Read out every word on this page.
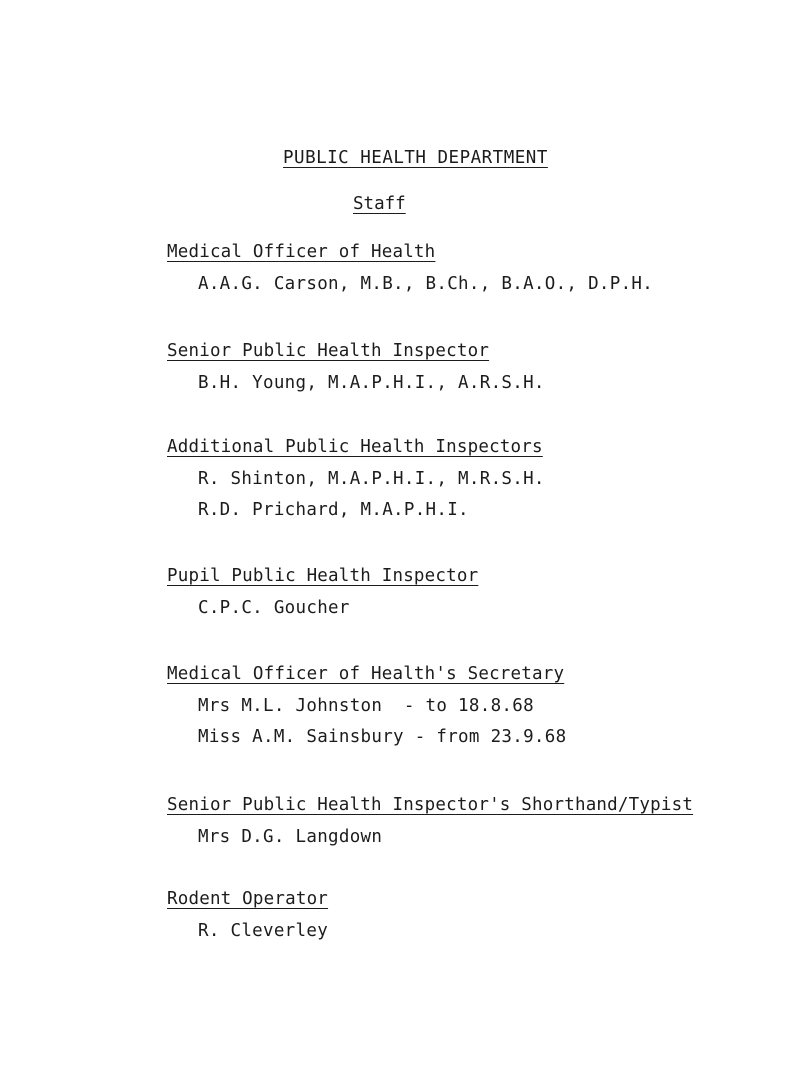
PUBLIC HEALTH DEPARTMENT
Staff
Medical Officer of Health
A.A.G. Carson, M.B., B.Ch., B.A.O., D.P.H.
Senior Public Health Inspector
B.H. Young, M.A.P.H.I., A.R.S.H.
Additional Public Health Inspectors
R. Shinton, M.A.P.H.I., M.R.S.H.
R.D. Prichard, M.A.P.H.I.
Pupil Public Health Inspector
C.P.C. Goucher
Medical Officer of Health's Secretary
Mrs M.L. Johnston  - to 18.8.68
Miss A.M. Sainsbury - from 23.9.68
Senior Public Health Inspector's Shorthand/Typist
Mrs D.G. Langdown
Rodent Operator
R. Cleverley
